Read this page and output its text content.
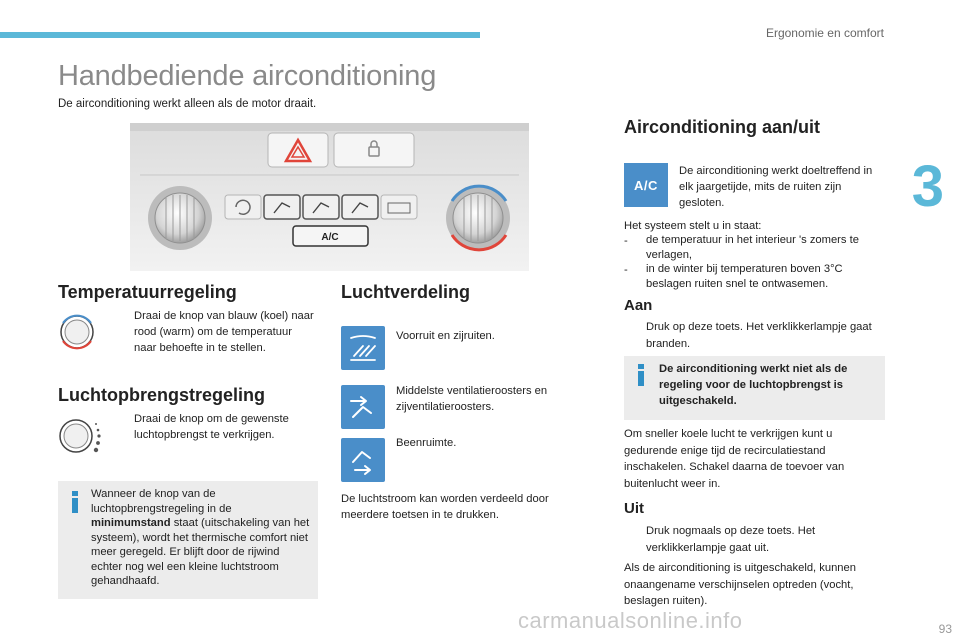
Ergonomie en comfort
3
Handbediende airconditioning
De airconditioning werkt alleen als de motor draait.
A/C
Temperatuurregeling
Draai de knop van blauw (koel) naar rood (warm) om de temperatuur naar behoefte in te stellen.
Luchtopbrengstregeling
Draai de knop om de gewenste luchtopbrengst te verkrijgen.
Wanneer de knop van de luchtopbrengstregeling in de minimumstand staat (uitschakeling van het systeem), wordt het thermische comfort niet meer geregeld. Er blijft door de rijwind echter nog wel een kleine luchtstroom gehandhaafd.
Luchtverdeling
Voorruit en zijruiten.
Middelste ventilatieroosters en zijventilatieroosters.
Beenruimte.
De luchtstroom kan worden verdeeld door meerdere toetsen in te drukken.
Airconditioning aan/uit
A/C
De airconditioning werkt doeltreffend in elk jaargetijde, mits de ruiten zijn gesloten.
Het systeem stelt u in staat:
- de temperatuur in het interieur 's zomers te verlagen,
- in de winter bij temperaturen boven 3°C beslagen ruiten snel te ontwasemen.
Aan
Druk op deze toets. Het verklikkerlampje gaat branden.
De airconditioning werkt niet als de regeling voor de luchtopbrengst is uitgeschakeld.
Om sneller koele lucht te verkrijgen kunt u gedurende enige tijd de recirculatiestand inschakelen. Schakel daarna de toevoer van buitenlucht weer in.
Uit
Druk nogmaals op deze toets. Het verklikkerlampje gaat uit.
Als de airconditioning is uitgeschakeld, kunnen onaangename verschijnselen optreden (vocht, beslagen ruiten).
carmanualsonline.info	93
